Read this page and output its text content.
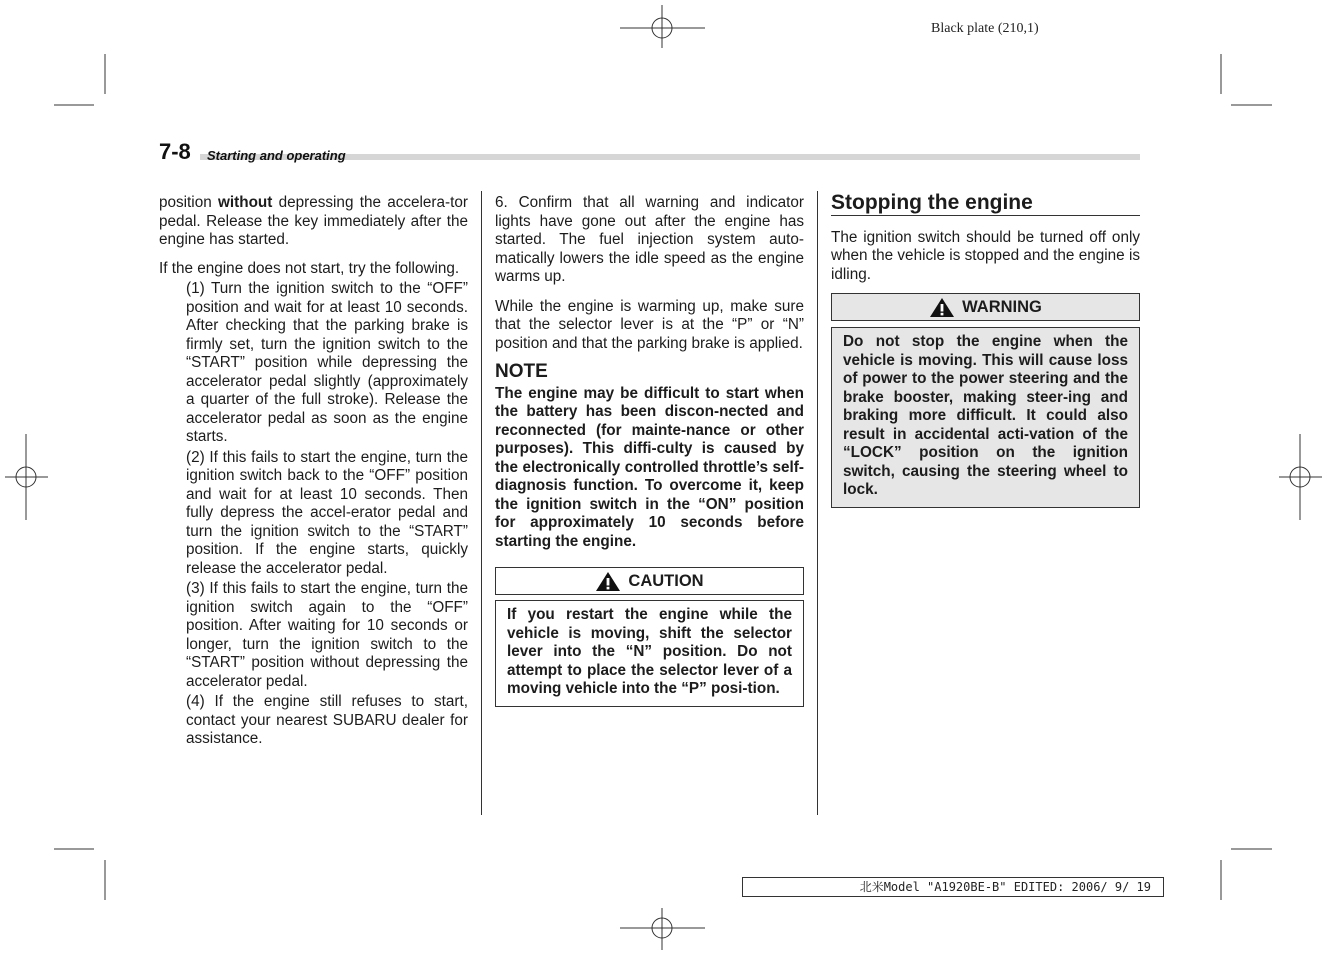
Black plate (210,1)
7-8 Starting and operating

position without depressing the accelera-tor pedal. Release the key immediately after the engine has started.

If the engine does not start, try the following.

(1) Turn the ignition switch to the “OFF” position and wait for at least 10 seconds. After checking that the parking brake is firmly set, turn the ignition switch to the “START” position while depressing the accelerator pedal slightly (approximately a quarter of the full stroke). Release the accelerator pedal as soon as the engine starts.

(2) If this fails to start the engine, turn the ignition switch back to the “OFF” position and wait for at least 10 seconds. Then fully depress the accel-erator pedal and turn the ignition switch to the “START” position. If the engine starts, quickly release the accelerator pedal.

(3) If this fails to start the engine, turn the ignition switch again to the “OFF” position. After waiting for 10 seconds or longer, turn the ignition switch to the “START” position without depressing the accelerator pedal.

(4) If the engine still refuses to start, contact your nearest SUBARU dealer for assistance.

6. Confirm that all warning and indicator lights have gone out after the engine has started. The fuel injection system auto-matically lowers the idle speed as the engine warms up.

While the engine is warming up, make sure that the selector lever is at the “P” or “N” position and that the parking brake is applied.

NOTE

The engine may be difficult to start when the battery has been discon-nected and reconnected (for mainte-nance or other purposes). This diffi-culty is caused by the electronically controlled throttle’s self-diagnosis function. To overcome it, keep the ignition switch in the “ON” position for approximately 10 seconds before starting the engine.

CAUTION

If you restart the engine while the vehicle is moving, shift the selector lever into the “N” position. Do not attempt to place the selector lever of a moving vehicle into the “P” posi-tion.

Stopping the engine

The ignition switch should be turned off only when the vehicle is stopped and the engine is idling.

WARNING

Do not stop the engine when the vehicle is moving. This will cause loss of power to the power steering and the brake booster, making steer-ing and braking more difficult. It could also result in accidental acti-vation of the “LOCK” position on the ignition switch, causing the steering wheel to lock.

北米Model "A1920BE-B" EDITED: 2006/ 9/ 19
